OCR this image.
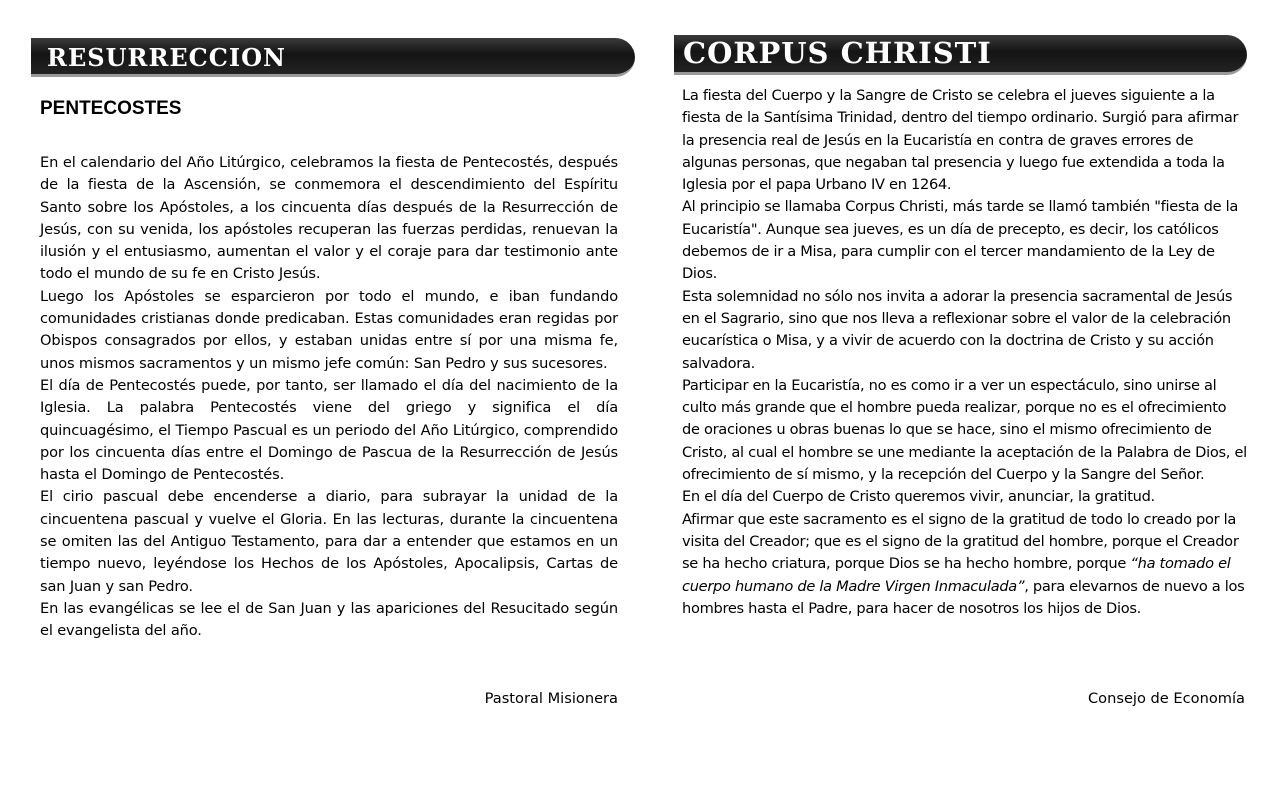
RESURRECCION
PENTECOSTES

En el calendario del Año Litúrgico, celebramos la fiesta de Pentecostés, después de la fiesta de la Ascensión, se conmemora el descendimiento del Espíritu Santo sobre los Apóstoles, a los cincuenta días después de la Resurrección de Jesús, con su venida, los apóstoles recuperan las fuerzas perdidas, renuevan la ilusión y el entusiasmo, aumentan el valor y el coraje para dar testimonio ante todo el mundo de su fe en Cristo Jesús.

Luego los Apóstoles se esparcieron por todo el mundo, e iban fundando comunidades cristianas donde predicaban. Estas comunidades eran regidas por Obispos consagrados por ellos, y estaban unidas entre sí por una misma fe, unos mismos sacramentos y un mismo jefe común: San Pedro y sus sucesores.

El día de Pentecostés puede, por tanto, ser llamado el día del nacimiento de la Iglesia. La palabra Pentecostés viene del griego y significa el día quincuagésimo, el Tiempo Pascual es un periodo del Año Litúrgico, comprendido por los cincuenta días entre el Domingo de Pascua de la Resurrección de Jesús hasta el Domingo de Pentecostés.

El cirio pascual debe encenderse a diario, para subrayar la unidad de la cincuentena pascual y vuelve el Gloria. En las lecturas, durante la cincuentena se omiten las del Antiguo Testamento, para dar a entender que estamos en un tiempo nuevo, leyéndose los Hechos de los Apóstoles, Apocalipsis, Cartas de san Juan y san Pedro.

En las evangélicas se lee el de San Juan y las apariciones del Resucitado según el evangelista del año.

Pastoral Misionera
CORPUS CHRISTI

La fiesta del Cuerpo y la Sangre de Cristo se celebra el jueves siguiente a la fiesta de la Santísima Trinidad, dentro del tiempo ordinario. Surgió para afirmar la presencia real de Jesús en la Eucaristía en contra de graves errores de algunas personas, que negaban tal presencia y luego fue extendida a toda la Iglesia por el papa Urbano IV en 1264.

Al principio se llamaba Corpus Christi, más tarde se llamó también "fiesta de la Eucaristía". Aunque sea jueves, es un día de precepto, es decir, los católicos debemos de ir a Misa, para cumplir con el tercer mandamiento de la Ley de Dios.

Esta solemnidad no sólo nos invita a adorar la presencia sacramental de Jesús en el Sagrario, sino que nos lleva a reflexionar sobre el valor de la celebración eucarística o Misa, y a vivir de acuerdo con la doctrina de Cristo y su acción salvadora.

Participar en la Eucaristía, no es como ir a ver un espectáculo, sino unirse al culto más grande que el hombre pueda realizar, porque no es el ofrecimiento de oraciones u obras buenas lo que se hace, sino el mismo ofrecimiento de Cristo, al cual el hombre se une mediante la aceptación de la Palabra de Dios, el ofrecimiento de sí mismo, y la recepción del Cuerpo y la Sangre del Señor.

En el día del Cuerpo de Cristo queremos vivir, anunciar, la gratitud.

Afirmar que este sacramento es el signo de la gratitud de todo lo creado por la visita del Creador; que es el signo de la gratitud del hombre, porque el Creador se ha hecho criatura, porque Dios se ha hecho hombre, porque “ha tomado el cuerpo humano de la Madre Virgen Inmaculada”, para elevarnos de nuevo a los hombres hasta el Padre, para hacer de nosotros los hijos de Dios.

Consejo de Economía
